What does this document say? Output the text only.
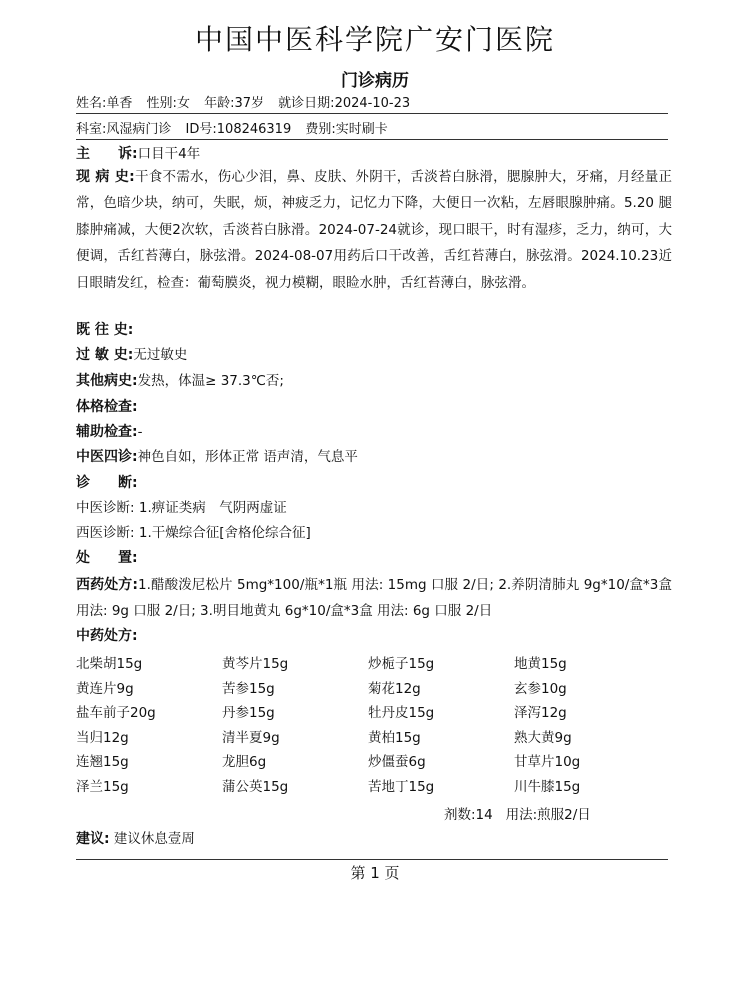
中国中医科学院广安门医院
门诊病历
姓名:单香 性别:女 年龄:37岁 就诊日期:2024-10-23
科室:风湿病门诊 ID号:108246319 费别:实时刷卡
主　　诉:口目干4年
现 病 史:干食不需水，伤心少泪，鼻、皮肤、外阴干，舌淡苔白脉滑，腮腺肿大，牙痛，月经量正常，色暗少块，纳可，失眠，烦，神疲乏力，记忆力下降，大便日一次粘，左唇眼腺肿痛。5.20 腿膝肿痛减，大便2次软，舌淡苔白脉滑。2024-07-24就诊，现口眼干，时有湿疹，乏力，纳可，大便调，舌红苔薄白，脉弦滑。2024-08-07用药后口干改善，舌红苔薄白，脉弦滑。2024.10.23近日眼睛发红，检查：葡萄膜炎，视力模糊，眼睑水肿，舌红苔薄白，脉弦滑。
既 往 史:
过 敏 史:无过敏史
其他病史:发热，体温≥ 37.3℃否;
体格检查:
辅助检查:-
中医四诊:神色自如，形体正常 语声清，气息平
诊　　断:
中医诊断: 1.痹证类病　气阴两虚证
西医诊断: 1.干燥综合征[舍格伦综合征]
处　　置:
西药处方:1.醋酸泼尼松片 5mg*100/瓶*1瓶 用法: 15mg 口服 2/日; 2.养阴清肺丸 9g*10/盒*3盒 用法: 9g 口服 2/日; 3.明目地黄丸 6g*10/盒*3盒 用法: 6g 口服 2/日
中药处方:
北柴胡15g	黄芩片15g	炒栀子15g	地黄15g
黄连片9g	苦参15g	菊花12g	玄参10g
盐车前子20g	丹参15g	牡丹皮15g	泽泻12g
当归12g	清半夏9g	黄柏15g	熟大黄9g
连翘15g	龙胆6g	炒僵蚕6g	甘草片10g
泽兰15g	蒲公英15g	苦地丁15g	川牛膝15g
剂数:14 用法:煎服2/日
建议: 建议休息壹周
第 1 页
